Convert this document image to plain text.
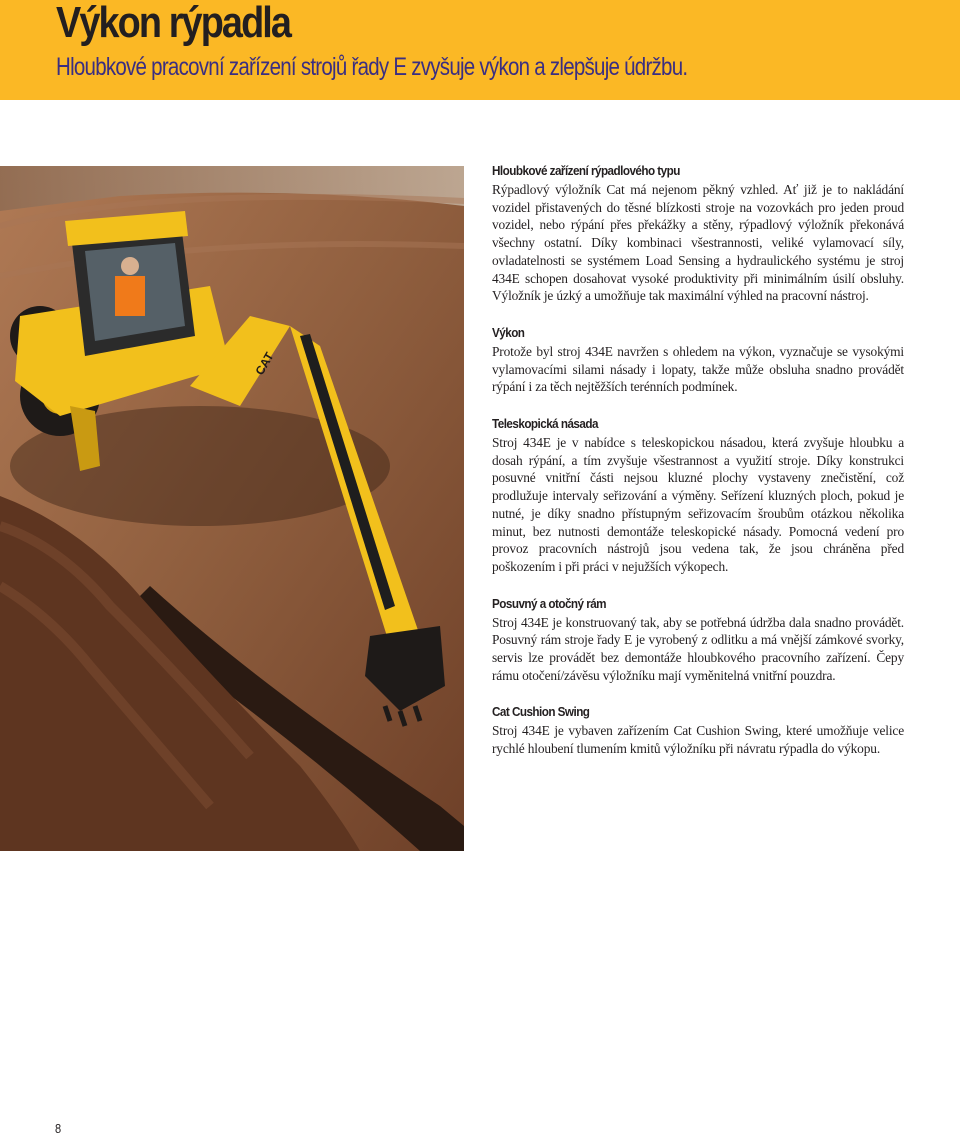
Výkon rýpadla
Hloubkové pracovní zařízení strojů řady E zvyšuje výkon a zlepšuje údržbu.
CAT
Hloubkové zařízení rýpadlového typu

Rýpadlový výložník Cat má nejenom pěkný vzhled. Ať již je to nakládání vozidel přistavených do těsné blízkosti stroje na vozovkách pro jeden proud vozidel, nebo rýpání přes překážky a stěny, rýpadlový výložník překonává všechny ostatní. Díky kombinaci všestrannosti, veliké vylamovací síly, ovladatelnosti se systémem Load Sensing a hydraulického systému je stroj 434E schopen dosahovat vysoké produktivity při minimálním úsilí obsluhy. Výložník je úzký a umožňuje tak maximální výhled na pracovní nástroj.

Výkon

Protože byl stroj 434E navržen s ohledem na výkon, vyznačuje se vysokými vylamovacími silami násady i lopaty, takže může obsluha snadno provádět rýpání i za těch nejtěžších terénních podmínek.

Teleskopická násada

Stroj 434E je v nabídce s teleskopickou násadou, která zvyšuje hloubku a dosah rýpání, a tím zvyšuje všestrannost a využití stroje. Díky konstrukci posuvné vnitřní části nejsou kluzné plochy vystaveny znečistění, což prodlužuje intervaly seřizování a výměny. Seřízení kluzných ploch, pokud je nutné, je díky snadno přístupným seřizovacím šroubům otázkou několika minut, bez nutnosti demontáže teleskopické násady. Pomocná vedení pro provoz pracovních nástrojů jsou vedena tak, že jsou chráněna před poškozením i při práci v nejužších výkopech.

Posuvný a otočný rám

Stroj 434E je konstruovaný tak, aby se potřebná údržba dala snadno provádět. Posuvný rám stroje řady E je vyrobený z odlitku a má vnější zámkové svorky, servis lze provádět bez demontáže hloubkového pracovního zařízení. Čepy rámu otočení/závěsu výložníku mají vyměnitelná vnitřní pouzdra.

Cat Cushion Swing

Stroj 434E je vybaven zařízením Cat Cushion Swing, které umožňuje velice rychlé hloubení tlumením kmitů výložníku při návratu rýpadla do výkopu.

8
